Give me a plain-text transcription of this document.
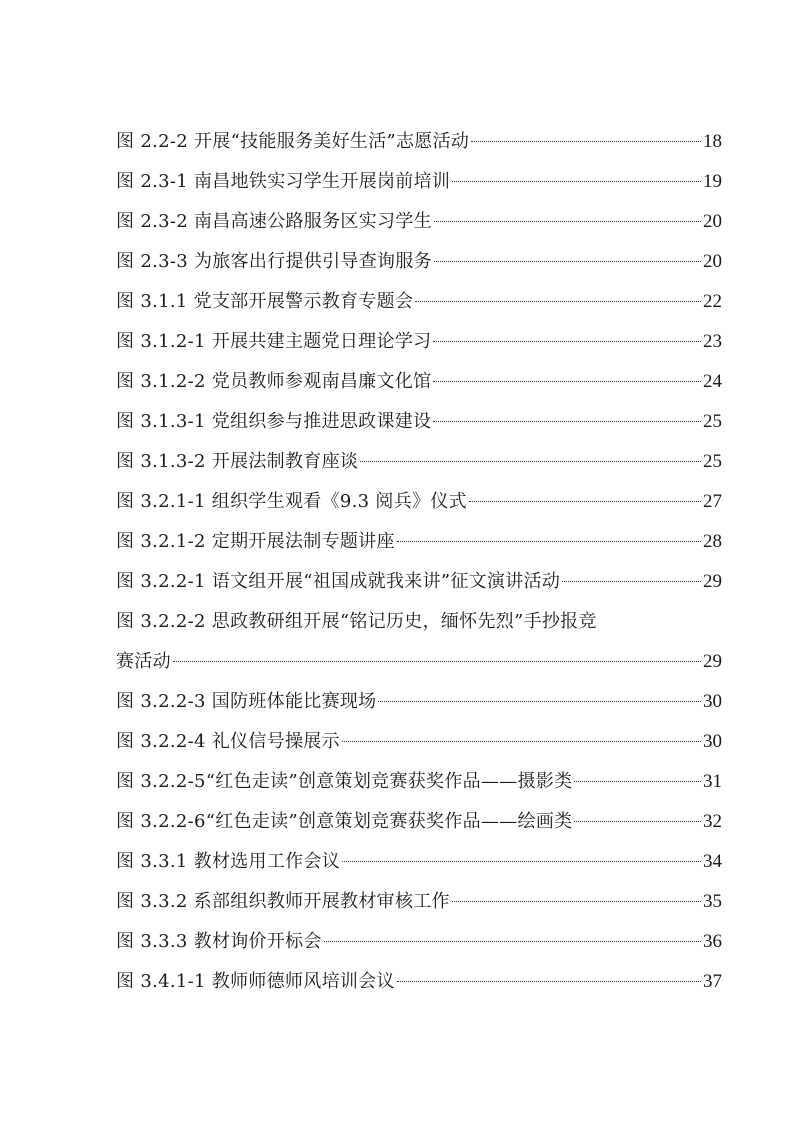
图 2.2-2 开展“技能服务美好生活”志愿活动	18
图 2.3-1 南昌地铁实习学生开展岗前培训	19
图 2.3-2 南昌高速公路服务区实习学生	20
图 2.3-3 为旅客出行提供引导查询服务	20
图 3.1.1 党支部开展警示教育专题会	22
图 3.1.2-1 开展共建主题党日理论学习	23
图 3.1.2-2 党员教师参观南昌廉文化馆	24
图 3.1.3-1 党组织参与推进思政课建设	25
图 3.1.3-2 开展法制教育座谈	25
图 3.2.1-1 组织学生观看《9.3 阅兵》仪式	27
图 3.2.1-2 定期开展法制专题讲座	28
图 3.2.2-1 语文组开展“祖国成就我来讲”征文演讲活动	29
图 3.2.2-2 思政教研组开展“铭记历史，缅怀先烈”手抄报竞
赛活动	29
图 3.2.2-3 国防班体能比赛现场	30
图 3.2.2-4 礼仪信号操展示	30
图 3.2.2-5“红色走读”创意策划竞赛获奖作品——摄影类	31
图 3.2.2-6“红色走读”创意策划竞赛获奖作品——绘画类	32
图 3.3.1 教材选用工作会议	34
图 3.3.2 系部组织教师开展教材审核工作	35
图 3.3.3 教材询价开标会	36
图 3.4.1-1 教师师德师风培训会议	37
